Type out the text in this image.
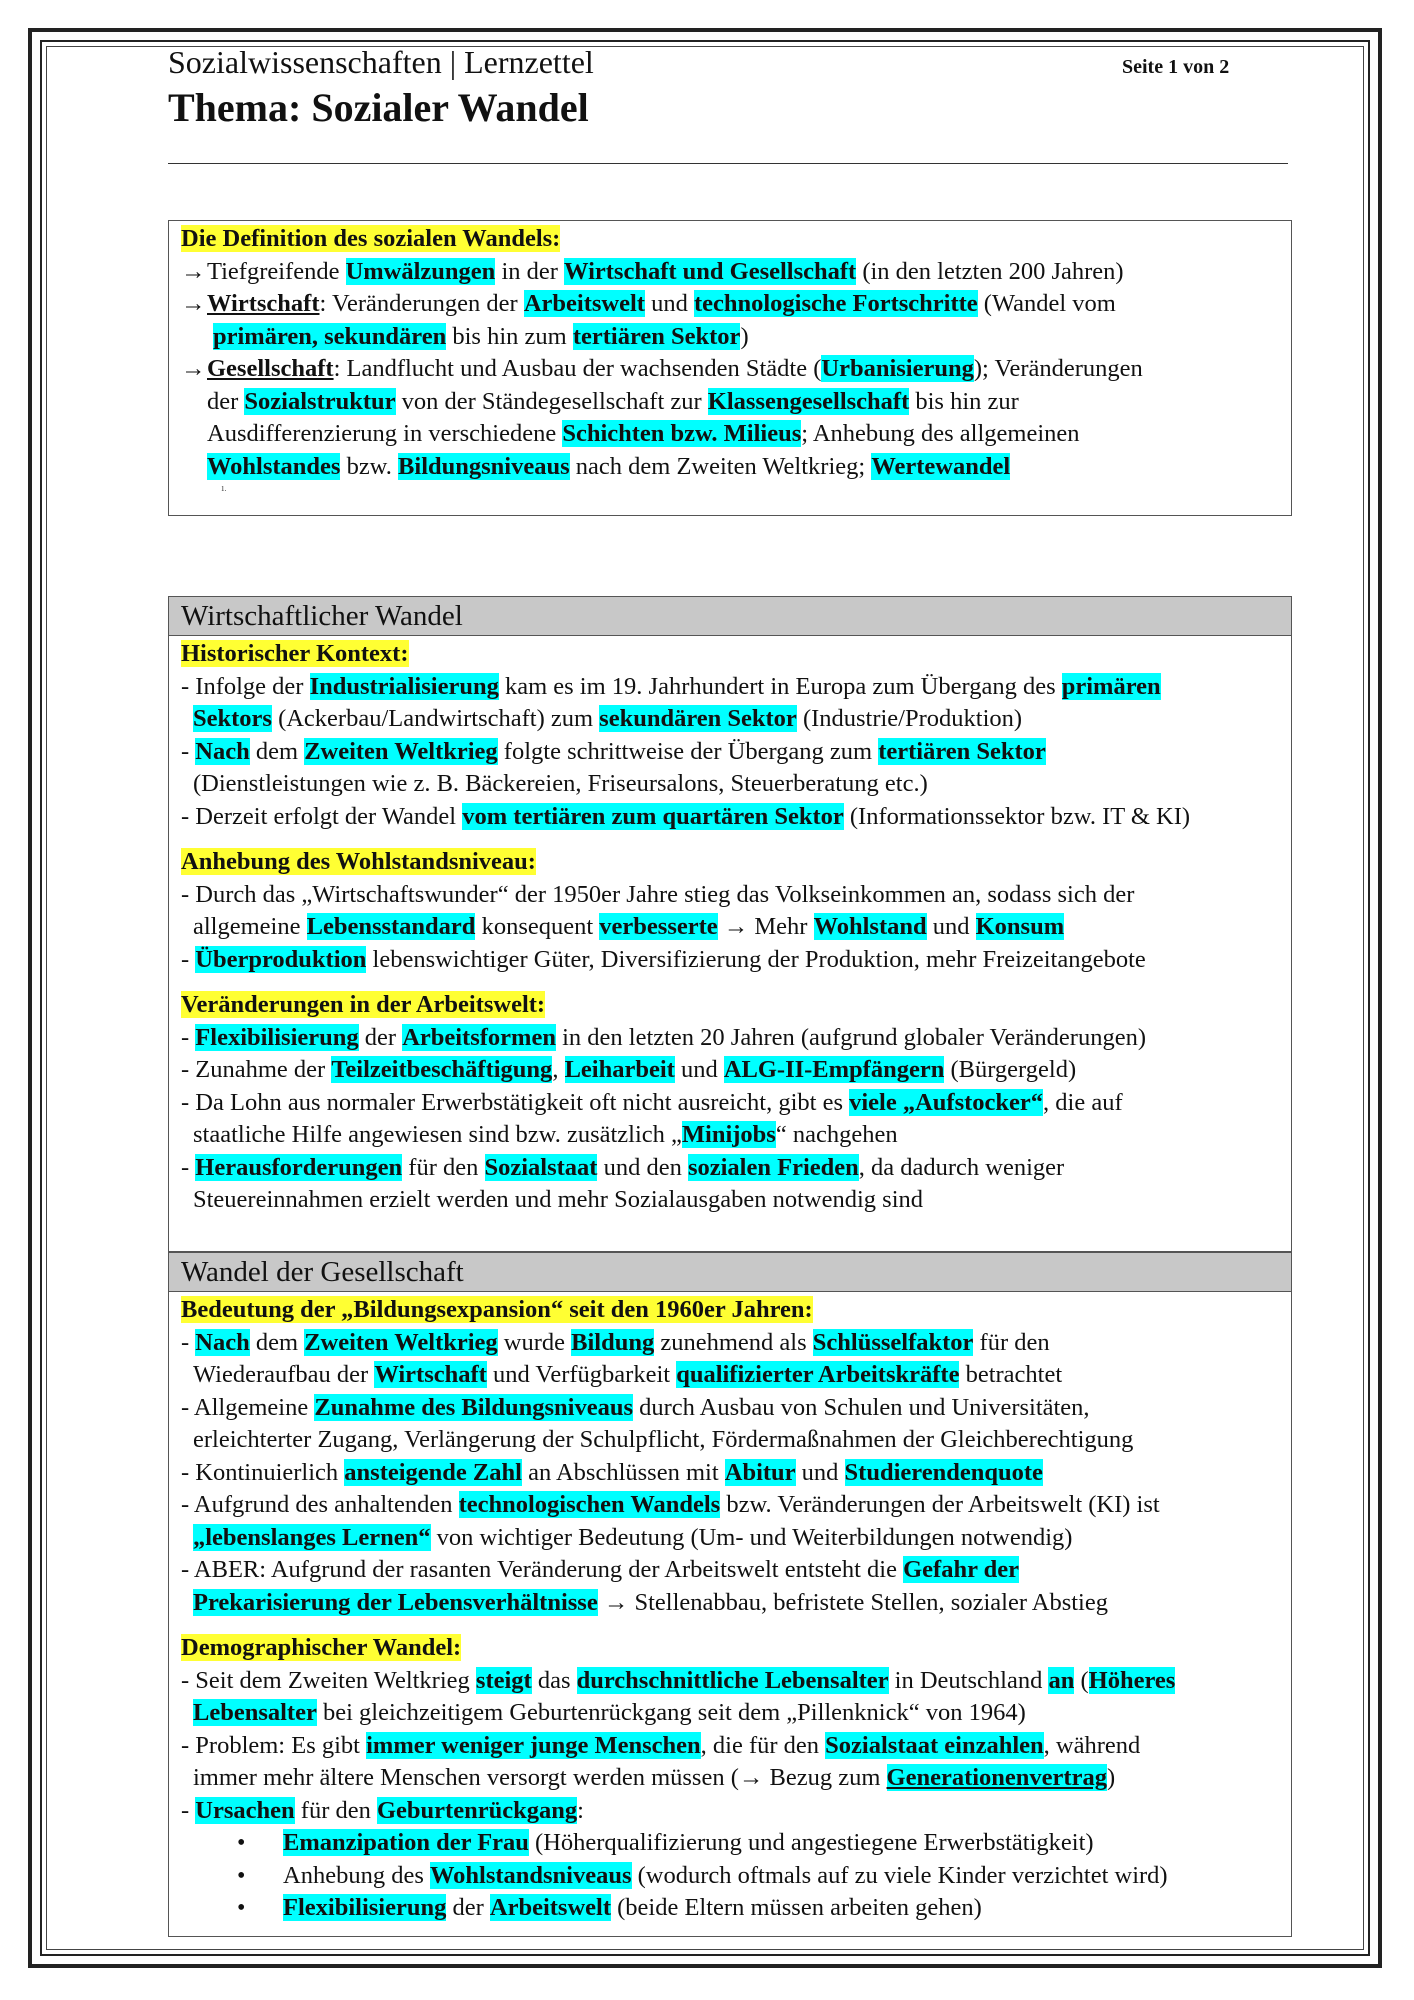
Sozialwissenschaften | Lernzettel
Thema: Sozialer Wandel
Seite 1 von 2
Die Definition des sozialen Wandels:
→Tiefgreifende Umwälzungen in der Wirtschaft und Gesellschaft (in den letzten 200 Jahren)
→Wirtschaft: Veränderungen der Arbeitswelt und technologische Fortschritte (Wandel vom
primären, sekundären bis hin zum tertiären Sektor)
→Gesellschaft: Landflucht und Ausbau der wachsenden Städte (Urbanisierung); Veränderungen
der Sozialstruktur von der Ständegesellschaft zur Klassengesellschaft bis hin zur
Ausdifferenzierung in verschiedene Schichten bzw. Milieus; Anhebung des allgemeinen
Wohlstandes bzw. Bildungsniveaus nach dem Zweiten Weltkrieg; Wertewandel
1.
Wirtschaftlicher Wandel
Historischer Kontext:
- Infolge der Industrialisierung kam es im 19. Jahrhundert in Europa zum Übergang des primären
Sektors (Ackerbau/Landwirtschaft) zum sekundären Sektor (Industrie/Produktion)
- Nach dem Zweiten Weltkrieg folgte schrittweise der Übergang zum tertiären Sektor
(Dienstleistungen wie z. B. Bäckereien, Friseursalons, Steuerberatung etc.)
- Derzeit erfolgt der Wandel vom tertiären zum quartären Sektor (Informationssektor bzw. IT & KI)
Anhebung des Wohlstandsniveau:
- Durch das „Wirtschaftswunder“ der 1950er Jahre stieg das Volkseinkommen an, sodass sich der
allgemeine Lebensstandard konsequent verbesserte → Mehr Wohlstand und Konsum
- Überproduktion lebenswichtiger Güter, Diversifizierung der Produktion, mehr Freizeitangebote
Veränderungen in der Arbeitswelt:
- Flexibilisierung der Arbeitsformen in den letzten 20 Jahren (aufgrund globaler Veränderungen)
- Zunahme der Teilzeitbeschäftigung, Leiharbeit und ALG-II-Empfängern (Bürgergeld)
- Da Lohn aus normaler Erwerbstätigkeit oft nicht ausreicht, gibt es viele „Aufstocker“, die auf
staatliche Hilfe angewiesen sind bzw. zusätzlich „Minijobs“ nachgehen
- Herausforderungen für den Sozialstaat und den sozialen Frieden, da dadurch weniger
Steuereinnahmen erzielt werden und mehr Sozialausgaben notwendig sind
Wandel der Gesellschaft
Bedeutung der „Bildungsexpansion“ seit den 1960er Jahren:
- Nach dem Zweiten Weltkrieg wurde Bildung zunehmend als Schlüsselfaktor für den
Wiederaufbau der Wirtschaft und Verfügbarkeit qualifizierter Arbeitskräfte betrachtet
- Allgemeine Zunahme des Bildungsniveaus durch Ausbau von Schulen und Universitäten,
erleichterter Zugang, Verlängerung der Schulpflicht, Fördermaßnahmen der Gleichberechtigung
- Kontinuierlich ansteigende Zahl an Abschlüssen mit Abitur und Studierendenquote
- Aufgrund des anhaltenden technologischen Wandels bzw. Veränderungen der Arbeitswelt (KI) ist
„lebenslanges Lernen“ von wichtiger Bedeutung (Um- und Weiterbildungen notwendig)
- ABER: Aufgrund der rasanten Veränderung der Arbeitswelt entsteht die Gefahr der
Prekarisierung der Lebensverhältnisse → Stellenabbau, befristete Stellen, sozialer Abstieg
Demographischer Wandel:
- Seit dem Zweiten Weltkrieg steigt das durchschnittliche Lebensalter in Deutschland an (Höheres
Lebensalter bei gleichzeitigem Geburtenrückgang seit dem „Pillenknick“ von 1964)
- Problem: Es gibt immer weniger junge Menschen, die für den Sozialstaat einzahlen, während
immer mehr ältere Menschen versorgt werden müssen (→ Bezug zum Generationenvertrag)
- Ursachen für den Geburtenrückgang:
• Emanzipation der Frau (Höherqualifizierung und angestiegene Erwerbstätigkeit)
• Anhebung des Wohlstandsniveaus (wodurch oftmals auf zu viele Kinder verzichtet wird)
• Flexibilisierung der Arbeitswelt (beide Eltern müssen arbeiten gehen)
